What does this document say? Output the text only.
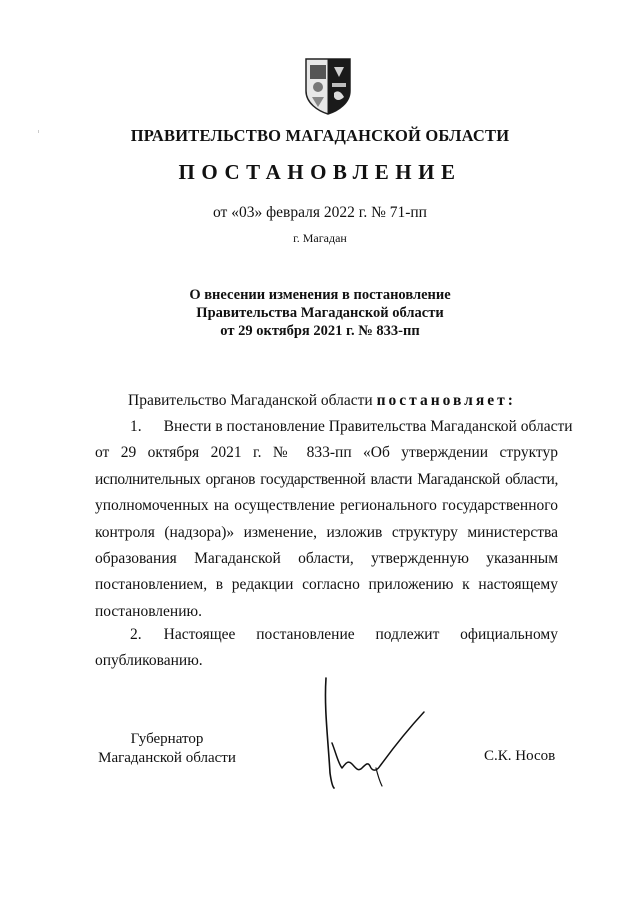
ПРАВИТЕЛЬСТВО МАГАДАНСКОЙ ОБЛАСТИ
ПОСТАНОВЛЕНИЕ
от «03» февраля 2022 г. № 71-пп
г. Магадан
О внесении изменения в постановление
Правительства Магаданской области
от 29 октября 2021 г. № 833-пп
Правительство Магаданской области постановляет:
1. Внести в постановление Правительства Магаданской области
от 29 октября 2021 г. № 833-пп «Об утверждении структур
исполнительных органов государственной власти Магаданской области,
уполномоченных на осуществление регионального государственного
контроля (надзора)» изменение, изложив структуру министерства
образования Магаданской области, утвержденную указанным
постановлением, в редакции согласно приложению к настоящему
постановлению.
2. Настоящее постановление подлежит официальному
опубликованию.
Губернатор
Магаданской области	С.К. Носов
